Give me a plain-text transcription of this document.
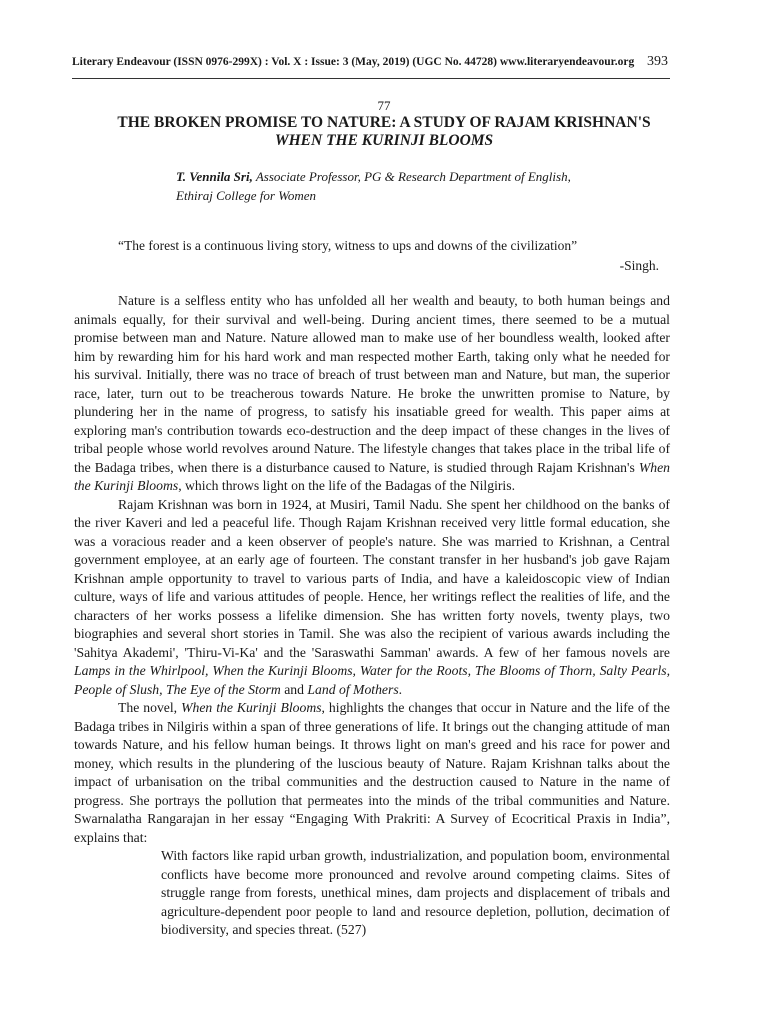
Literary Endeavour (ISSN 0976-299X) : Vol. X : Issue: 3 (May, 2019) (UGC No. 44728) www.literaryendeavour.org 393
77
THE BROKEN PROMISE TO NATURE: A STUDY OF RAJAM KRISHNAN'S
WHEN THE KURINJI BLOOMS
T. Vennila Sri, Associate Professor, PG & Research Department of English,
Ethiraj College for Women
“The forest is a continuous living story, witness to ups and downs of the civilization”
-Singh.

Nature is a selfless entity who has unfolded all her wealth and beauty, to both human beings and animals equally, for their survival and well-being. During ancient times, there seemed to be a mutual promise between man and Nature. Nature allowed man to make use of her boundless wealth, looked after him by rewarding him for his hard work and man respected mother Earth, taking only what he needed for his survival. Initially, there was no trace of breach of trust between man and Nature, but man, the superior race, later, turn out to be treacherous towards Nature. He broke the unwritten promise to Nature, by plundering her in the name of progress, to satisfy his insatiable greed for wealth. This paper aims at exploring man's contribution towards eco-destruction and the deep impact of these changes in the lives of tribal people whose world revolves around Nature. The lifestyle changes that takes place in the tribal life of the Badaga tribes, when there is a disturbance caused to Nature, is studied through Rajam Krishnan's When the Kurinji Blooms, which throws light on the life of the Badagas of the Nilgiris.

Rajam Krishnan was born in 1924, at Musiri, Tamil Nadu. She spent her childhood on the banks of the river Kaveri and led a peaceful life. Though Rajam Krishnan received very little formal education, she was a voracious reader and a keen observer of people's nature. She was married to Krishnan, a Central government employee, at an early age of fourteen. The constant transfer in her husband's job gave Rajam Krishnan ample opportunity to travel to various parts of India, and have a kaleidoscopic view of Indian culture, ways of life and various attitudes of people. Hence, her writings reflect the realities of life, and the characters of her works possess a lifelike dimension. She has written forty novels, twenty plays, two biographies and several short stories in Tamil. She was also the recipient of various awards including the 'Sahitya Akademi', 'Thiru-Vi-Ka' and the 'Saraswathi Samman' awards. A few of her famous novels are Lamps in the Whirlpool, When the Kurinji Blooms, Water for the Roots, The Blooms of Thorn, Salty Pearls, People of Slush, The Eye of the Storm and Land of Mothers.

The novel, When the Kurinji Blooms, highlights the changes that occur in Nature and the life of the Badaga tribes in Nilgiris within a span of three generations of life. It brings out the changing attitude of man towards Nature, and his fellow human beings. It throws light on man's greed and his race for power and money, which results in the plundering of the luscious beauty of Nature. Rajam Krishnan talks about the impact of urbanisation on the tribal communities and the destruction caused to Nature in the name of progress. She portrays the pollution that permeates into the minds of the tribal communities and Nature. Swarnalatha Rangarajan in her essay “Engaging With Prakriti: A Survey of Ecocritical Praxis in India”, explains that:

With factors like rapid urban growth, industrialization, and population boom, environmental conflicts have become more pronounced and revolve around competing claims. Sites of struggle range from forests, unethical mines, dam projects and displacement of tribals and agriculture-dependent poor people to land and resource depletion, pollution, decimation of biodiversity, and species threat. (527)
